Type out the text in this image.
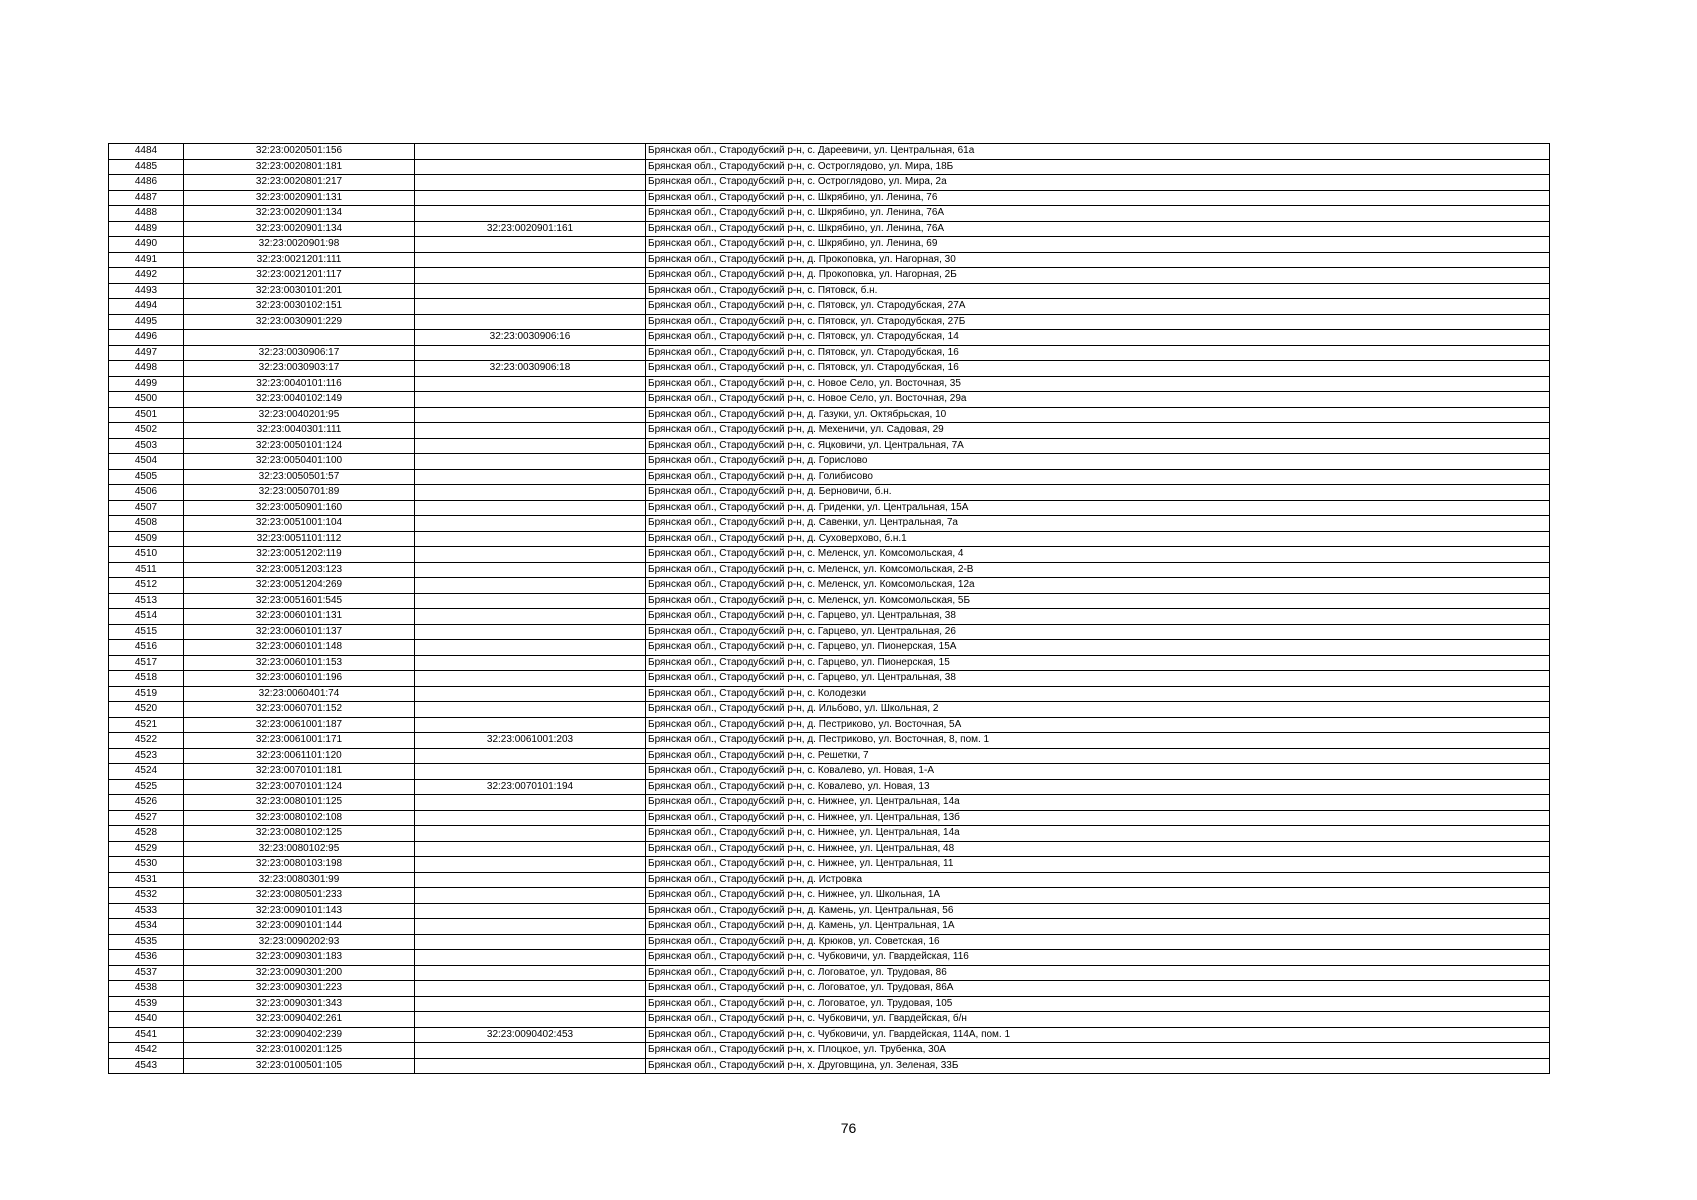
4484	32:23:0020501:156		Брянская обл., Стародубский р-н, с. Дареевичи, ул. Центральная, 61а
4485	32:23:0020801:181		Брянская обл., Стародубский р-н, с. Остроглядово, ул. Мира, 18Б
4486	32:23:0020801:217		Брянская обл., Стародубский р-н, с. Остроглядово, ул. Мира, 2а
4487	32:23:0020901:131		Брянская обл., Стародубский р-н, с. Шкрябино, ул. Ленина, 76
4488	32:23:0020901:134		Брянская обл., Стародубский р-н, с. Шкрябино, ул. Ленина, 76А
4489	32:23:0020901:134	32:23:0020901:161	Брянская обл., Стародубский р-н, с. Шкрябино, ул. Ленина, 76А
4490	32:23:0020901:98		Брянская обл., Стародубский р-н, с. Шкрябино, ул. Ленина, 69
4491	32:23:0021201:111		Брянская обл., Стародубский р-н, д. Прокоповка, ул. Нагорная, 30
4492	32:23:0021201:117		Брянская обл., Стародубский р-н, д. Прокоповка, ул. Нагорная, 2Б
4493	32:23:0030101:201		Брянская обл., Стародубский р-н, с. Пятовск, б.н.
4494	32:23:0030102:151		Брянская обл., Стародубский р-н, с. Пятовск, ул. Стародубская, 27А
4495	32:23:0030901:229		Брянская обл., Стародубский р-н, с. Пятовск, ул. Стародубская, 27Б
4496		32:23:0030906:16	Брянская обл., Стародубский р-н, с. Пятовск, ул. Стародубская, 14
4497	32:23:0030906:17		Брянская обл., Стародубский р-н, с. Пятовск, ул. Стародубская, 16
4498	32:23:0030903:17	32:23:0030906:18	Брянская обл., Стародубский р-н, с. Пятовск, ул. Стародубская, 16
4499	32:23:0040101:116		Брянская обл., Стародубский р-н, с. Новое Село, ул. Восточная, 35
4500	32:23:0040102:149		Брянская обл., Стародубский р-н, с. Новое Село, ул. Восточная, 29а
4501	32:23:0040201:95		Брянская обл., Стародубский р-н, д. Газуки, ул. Октябрьская, 10
4502	32:23:0040301:111		Брянская обл., Стародубский р-н, д. Мехеничи, ул. Садовая, 29
4503	32:23:0050101:124		Брянская обл., Стародубский р-н, с. Яцковичи, ул. Центральная, 7А
4504	32:23:0050401:100		Брянская обл., Стародубский р-н, д. Горислово
4505	32:23:0050501:57		Брянская обл., Стародубский р-н, д. Голибисово
4506	32:23:0050701:89		Брянская обл., Стародубский р-н, д. Берновичи, б.н.
4507	32:23:0050901:160		Брянская обл., Стародубский р-н, д. Гриденки, ул. Центральная, 15А
4508	32:23:0051001:104		Брянская обл., Стародубский р-н, д. Савенки, ул. Центральная, 7а
4509	32:23:0051101:112		Брянская обл., Стародубский р-н, д. Суховерхово, б.н.1
4510	32:23:0051202:119		Брянская обл., Стародубский р-н, с. Меленск, ул. Комсомольская, 4
4511	32:23:0051203:123		Брянская обл., Стародубский р-н, с. Меленск, ул. Комсомольская, 2-В
4512	32:23:0051204:269		Брянская обл., Стародубский р-н, с. Меленск, ул. Комсомольская, 12а
4513	32:23:0051601:545		Брянская обл., Стародубский р-н, с. Меленск, ул. Комсомольская, 5Б
4514	32:23:0060101:131		Брянская обл., Стародубский р-н, с. Гарцево, ул. Центральная, 38
4515	32:23:0060101:137		Брянская обл., Стародубский р-н, с. Гарцево, ул. Центральная, 26
4516	32:23:0060101:148		Брянская обл., Стародубский р-н, с. Гарцево, ул. Пионерская, 15А
4517	32:23:0060101:153		Брянская обл., Стародубский р-н, с. Гарцево, ул. Пионерская, 15
4518	32:23:0060101:196		Брянская обл., Стародубский р-н, с. Гарцево, ул. Центральная, 38
4519	32:23:0060401:74		Брянская обл., Стародубский р-н, с. Колодезки
4520	32:23:0060701:152		Брянская обл., Стародубский р-н, д. Ильбово, ул. Школьная, 2
4521	32:23:0061001:187		Брянская обл., Стародубский р-н, д. Пестриково, ул. Восточная, 5А
4522	32:23:0061001:171	32:23:0061001:203	Брянская обл., Стародубский р-н, д. Пестриково, ул. Восточная, 8, пом. 1
4523	32:23:0061101:120		Брянская обл., Стародубский р-н, с. Решетки, 7
4524	32:23:0070101:181		Брянская обл., Стародубский р-н, с. Ковалево, ул. Новая, 1-А
4525	32:23:0070101:124	32:23:0070101:194	Брянская обл., Стародубский р-н, с. Ковалево, ул. Новая, 13
4526	32:23:0080101:125		Брянская обл., Стародубский р-н, с. Нижнее, ул. Центральная, 14а
4527	32:23:0080102:108		Брянская обл., Стародубский р-н, с. Нижнее, ул. Центральная, 13б
4528	32:23:0080102:125		Брянская обл., Стародубский р-н, с. Нижнее, ул. Центральная, 14а
4529	32:23:0080102:95		Брянская обл., Стародубский р-н, с. Нижнее, ул. Центральная, 48
4530	32:23:0080103:198		Брянская обл., Стародубский р-н, с. Нижнее, ул. Центральная, 11
4531	32:23:0080301:99		Брянская обл., Стародубский р-н, д. Истровка
4532	32:23:0080501:233		Брянская обл., Стародубский р-н, с. Нижнее, ул. Школьная, 1А
4533	32:23:0090101:143		Брянская обл., Стародубский р-н, д. Камень, ул. Центральная, 56
4534	32:23:0090101:144		Брянская обл., Стародубский р-н, д. Камень, ул. Центральная, 1А
4535	32:23:0090202:93		Брянская обл., Стародубский р-н, д. Крюков, ул. Советская, 16
4536	32:23:0090301:183		Брянская обл., Стародубский р-н, с. Чубковичи, ул. Гвардейская, 116
4537	32:23:0090301:200		Брянская обл., Стародубский р-н, с. Логоватое, ул. Трудовая, 86
4538	32:23:0090301:223		Брянская обл., Стародубский р-н, с. Логоватое, ул. Трудовая, 86А
4539	32:23:0090301:343		Брянская обл., Стародубский р-н, с. Логоватое, ул. Трудовая, 105
4540	32:23:0090402:261		Брянская обл., Стародубский р-н, с. Чубковичи, ул. Гвардейская, б/н
4541	32:23:0090402:239	32:23:0090402:453	Брянская обл., Стародубский р-н, с. Чубковичи, ул. Гвардейская, 114А, пом. 1
4542	32:23:0100201:125		Брянская обл., Стародубский р-н, х. Плоцкое, ул. Трубенка, 30А
4543	32:23:0100501:105		Брянская обл., Стародубский р-н, х. Друговщина, ул. Зеленая, 33Б
76
